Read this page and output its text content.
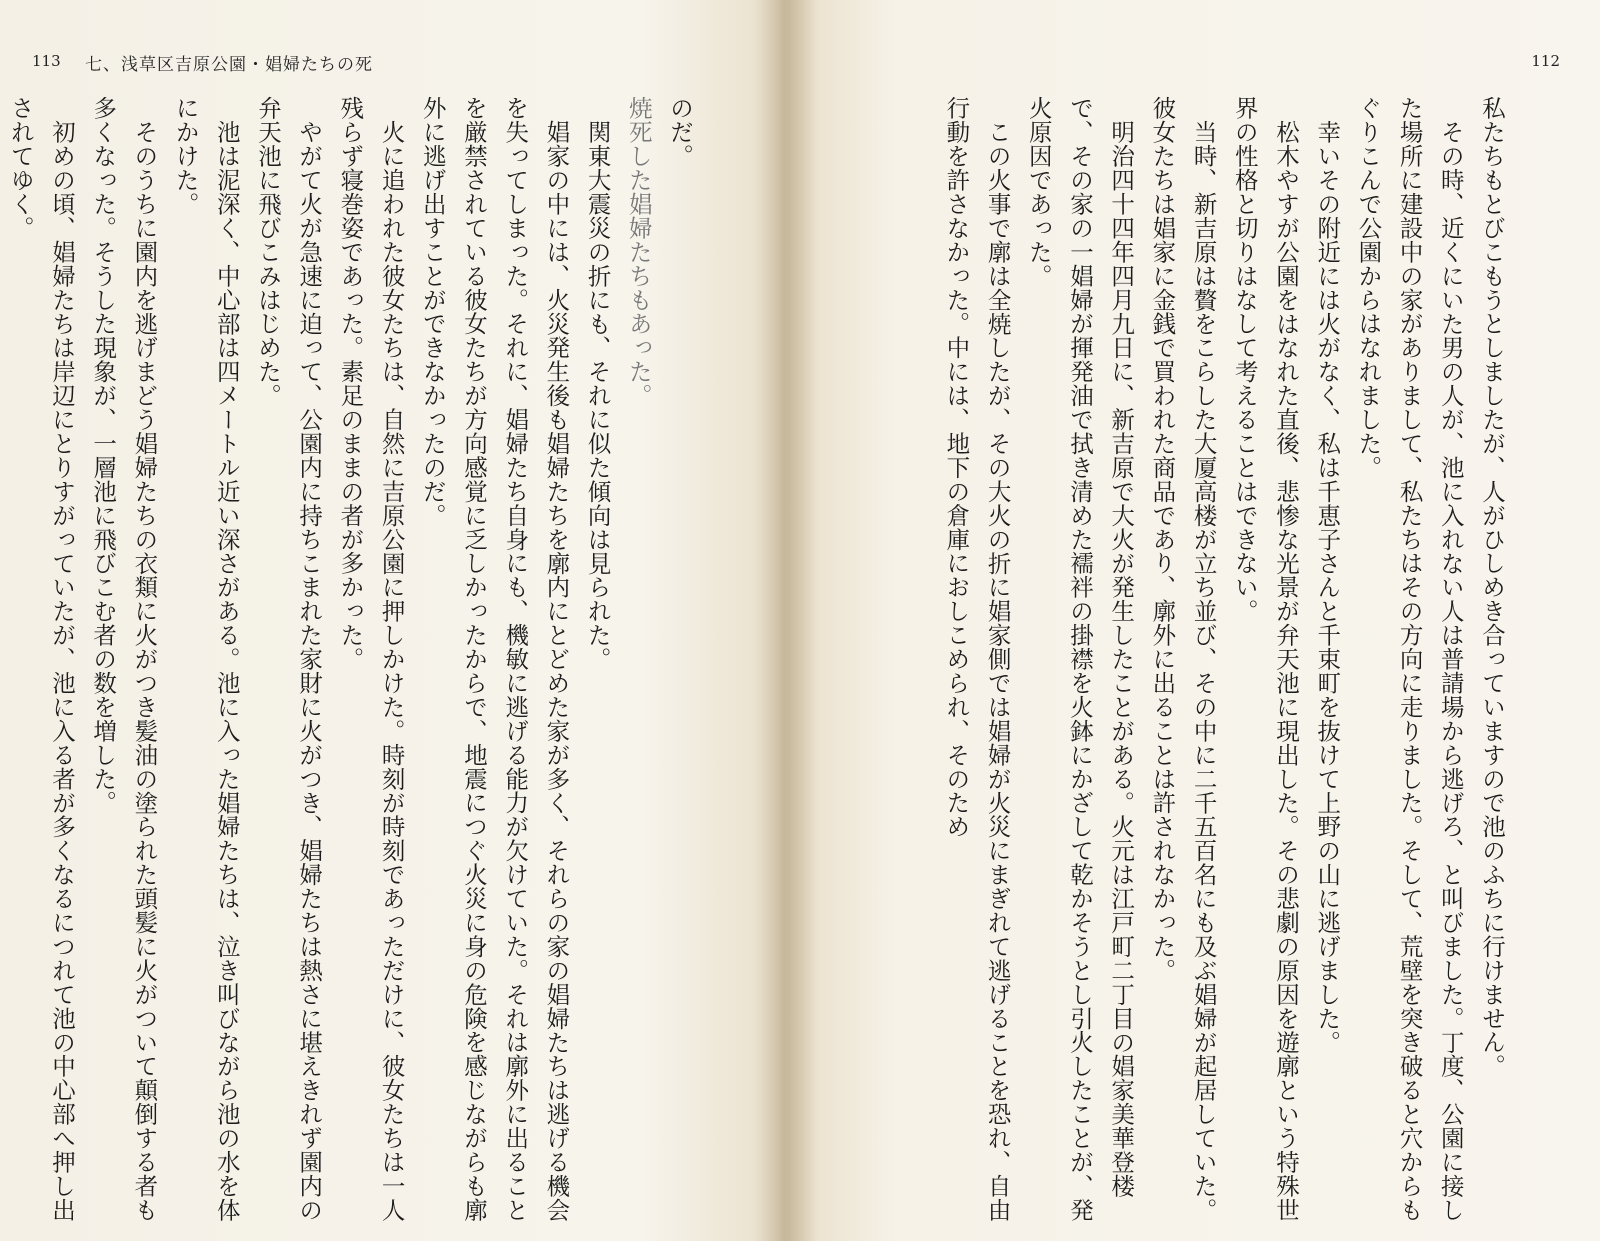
113 七、浅草区吉原公園・娼婦たちの死
のだ。
焼死した娼婦たちもあった。
関東大震災の折にも、それに似た傾向は見られた。
娼家の中には、火災発生後も娼婦たちを廓内にとどめた家が多く、それらの家の娼婦たちは逃げる機会を失ってしまった。それに、娼婦たち自身にも、機敏に逃げる能力が欠けていた。それは廓外に出ることを厳禁されている彼女たちが方向感覚に乏しかったからで、地震につぐ火災に身の危険を感じながらも廓外に逃げ出すことができなかったのだ。
火に追われた彼女たちは、自然に吉原公園に押しかけた。時刻が時刻であっただけに、彼女たちは一人残らず寝巻姿であった。素足のままの者が多かった。
やがて火が急速に迫って、公園内に持ちこまれた家財に火がつき、娼婦たちは熱さに堪えきれず園内の弁天池に飛びこみはじめた。
池は泥深く、中心部は四メートル近い深さがある。池に入った娼婦たちは、泣き叫びながら池の水を体にかけた。
そのうちに園内を逃げまどう娼婦たちの衣類に火がつき髪油の塗られた頭髪に火がついて顛倒する者も多くなった。そうした現象が、一層池に飛びこむ者の数を増した。
初めの頃、娼婦たちは岸辺にとりすがっていたが、池に入る者が多くなるにつれて池の中心部へ押し出されてゆく。
112
私たちもとびこもうとしましたが、人がひしめき合っていますので池のふちに行けません。
その時、近くにいた男の人が、池に入れない人は普請場から逃げろ、と叫びました。丁度、公園に接した場所に建設中の家がありまして、私たちはその方向に走りました。そして、荒壁を突き破ると穴からもぐりこんで公園からはなれました。
幸いその附近には火がなく、私は千恵子さんと千束町を抜けて上野の山に逃げました。
松木やすが公園をはなれた直後、悲惨な光景が弁天池に現出した。その悲劇の原因を遊廓という特殊世界の性格と切りはなして考えることはできない。
当時、新吉原は贅をこらした大厦高楼が立ち並び、その中に二千五百名にも及ぶ娼婦が起居していた。彼女たちは娼家に金銭で買われた商品であり、廓外に出ることは許されなかった。
明治四十四年四月九日に、新吉原で大火が発生したことがある。火元は江戸町二丁目の娼家美華登楼で、その家の一娼婦が揮発油で拭き清めた襦袢の掛襟を火鉢にかざして乾かそうとし引火したことが、発火原因であった。
この火事で廓は全焼したが、その大火の折に娼家側では娼婦が火災にまぎれて逃げることを恐れ、自由行動を許さなかった。中には、地下の倉庫におしこめられ、そのため
